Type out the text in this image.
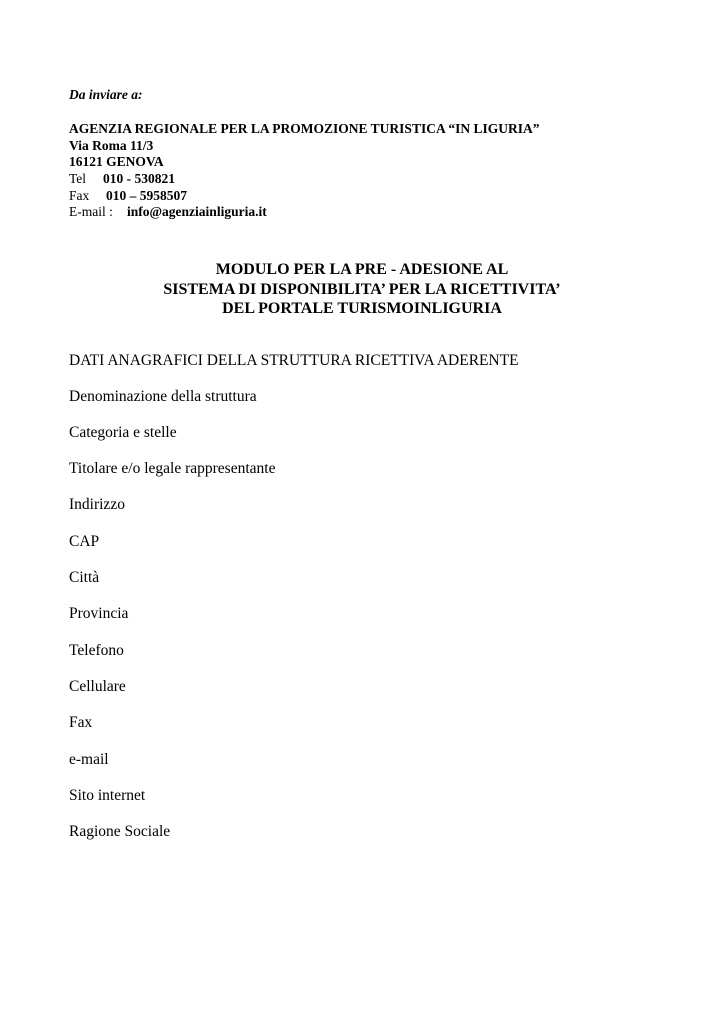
Da inviare a:
AGENZIA REGIONALE PER LA PROMOZIONE TURISTICA “IN LIGURIA”
Via Roma 11/3
16121 GENOVA
Tel 010 - 530821
Fax 010 – 5958507
E-mail : info@agenziainliguria.it
MODULO PER LA PRE - ADESIONE AL
SISTEMA DI DISPONIBILITA’ PER LA RICETTIVITA’
DEL PORTALE TURISMOINLIGURIA
DATI ANAGRAFICI DELLA STRUTTURA RICETTIVA ADERENTE
Denominazione della struttura
Categoria e stelle
Titolare e/o legale rappresentante
Indirizzo
CAP
Città
Provincia
Telefono
Cellulare
Fax
e-mail
Sito internet
Ragione Sociale
